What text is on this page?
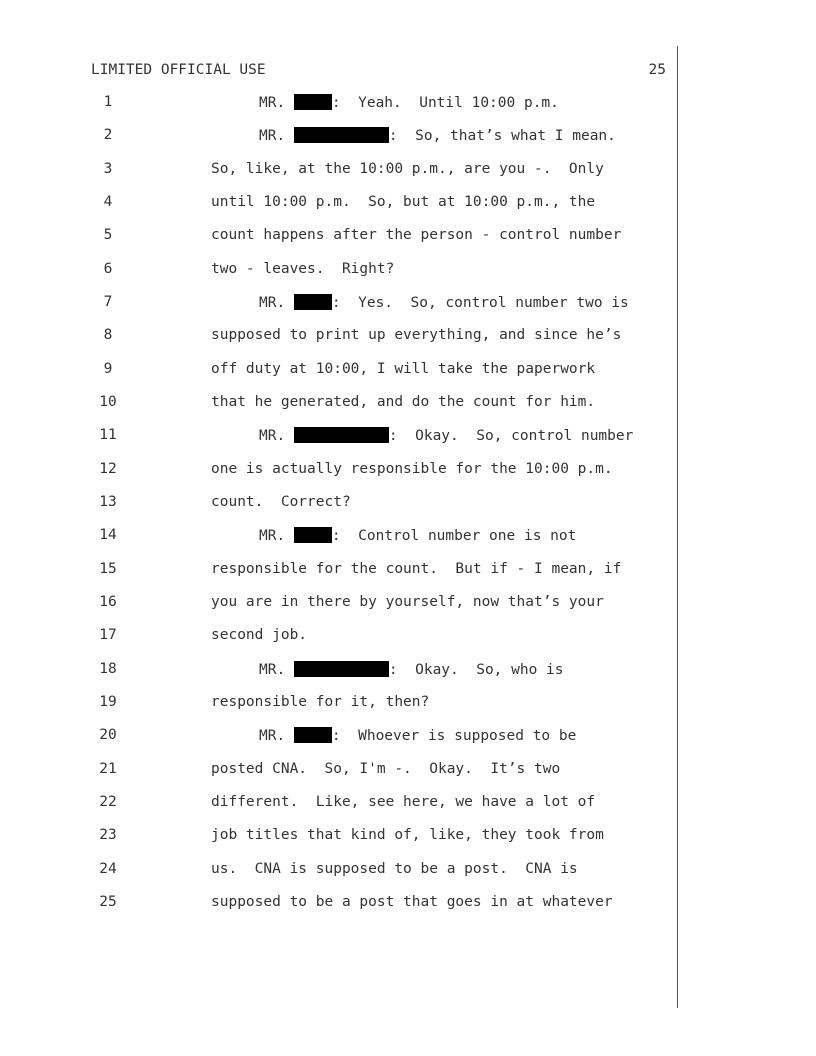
LIMITED OFFICIAL USE	25
1	MR.	:  Yeah.  Until 10:00 p.m.
2	MR.	:  So, that’s what I mean.
3	So, like, at the 10:00 p.m., are you -.  Only
4	until 10:00 p.m.  So, but at 10:00 p.m., the
5	count happens after the person - control number
6	two - leaves.  Right?
7	MR.	:  Yes.  So, control number two is
8	supposed to print up everything, and since he’s
9	off duty at 10:00, I will take the paperwork
10	that he generated, and do the count for him.
11	MR.	:  Okay.  So, control number
12	one is actually responsible for the 10:00 p.m.
13	count.  Correct?
14	MR.	:  Control number one is not
15	responsible for the count.  But if - I mean, if
16	you are in there by yourself, now that’s your
17	second job.
18	MR.	:  Okay.  So, who is
19	responsible for it, then?
20	MR.	:  Whoever is supposed to be
21	posted CNA.  So, I'm -.  Okay.  It’s two
22	different.  Like, see here, we have a lot of
23	job titles that kind of, like, they took from
24	us.  CNA is supposed to be a post.  CNA is
25	supposed to be a post that goes in at whatever
